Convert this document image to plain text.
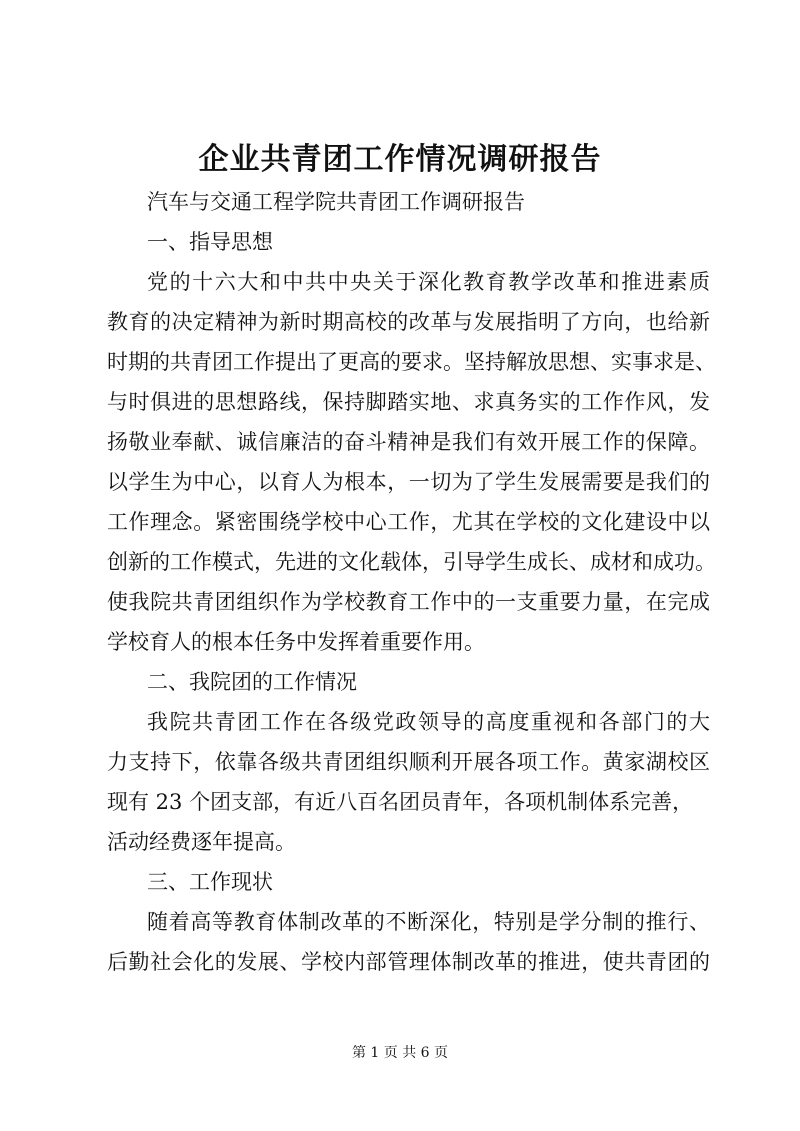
企业共青团工作情况调研报告
汽车与交通工程学院共青团工作调研报告
一、指导思想
党的十六大和中共中央关于深化教育教学改革和推进素质
教育的决定精神为新时期高校的改革与发展指明了方向，也给新
时期的共青团工作提出了更高的要求。坚持解放思想、实事求是、
与时俱进的思想路线，保持脚踏实地、求真务实的工作作风，发
扬敬业奉献、诚信廉洁的奋斗精神是我们有效开展工作的保障。
以学生为中心，以育人为根本，一切为了学生发展需要是我们的
工作理念。紧密围绕学校中心工作，尤其在学校的文化建设中以
创新的工作模式，先进的文化载体，引导学生成长、成材和成功。
使我院共青团组织作为学校教育工作中的一支重要力量，在完成
学校育人的根本任务中发挥着重要作用。
二、我院团的工作情况
我院共青团工作在各级党政领导的高度重视和各部门的大
力支持下，依靠各级共青团组织顺利开展各项工作。黄家湖校区
现有 23 个团支部，有近八百名团员青年，各项机制体系完善，
活动经费逐年提高。
三、工作现状
随着高等教育体制改革的不断深化，特别是学分制的推行、
后勤社会化的发展、学校内部管理体制改革的推进，使共青团的
第 1 页 共 6 页
